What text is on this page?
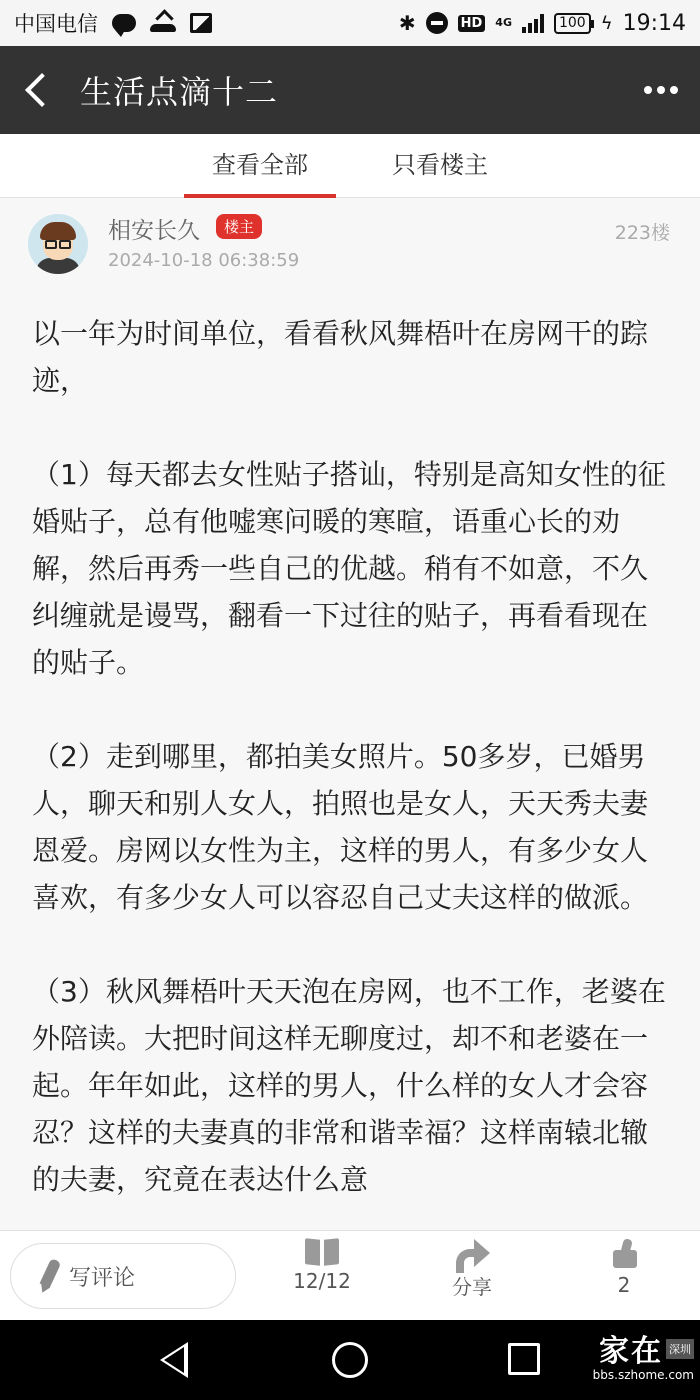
中国电信	✱	HD 4G	100 ϟ 19:14
生活点滴十二
查看全部	只看楼主
相安长久	楼主
2024-10-18 06:38:59
223楼

以一年为时间单位，看看秋风舞梧叶在房网干的踪迹，

（1）每天都去女性贴子搭讪，特别是高知女性的征婚贴子，总有他嘘寒问暖的寒暄，语重心长的劝解，然后再秀一些自己的优越。稍有不如意，不久纠缠就是谩骂，翻看一下过往的贴子，再看看现在的贴子。

（2）走到哪里，都拍美女照片。50多岁，已婚男人，聊天和别人女人，拍照也是女人，天天秀夫妻恩爱。房网以女性为主，这样的男人，有多少女人喜欢，有多少女人可以容忍自己丈夫这样的做派。

（3）秋风舞梧叶天天泡在房网，也不工作，老婆在外陪读。大把时间这样无聊度过，却不和老婆在一起。年年如此，这样的男人，什么样的女人才会容忍？这样的夫妻真的非常和谐幸福？这样南辕北辙的夫妻，究竟在表达什么意

写评论	12/12	分享	2
家在 深圳
bbs.szhome.com
